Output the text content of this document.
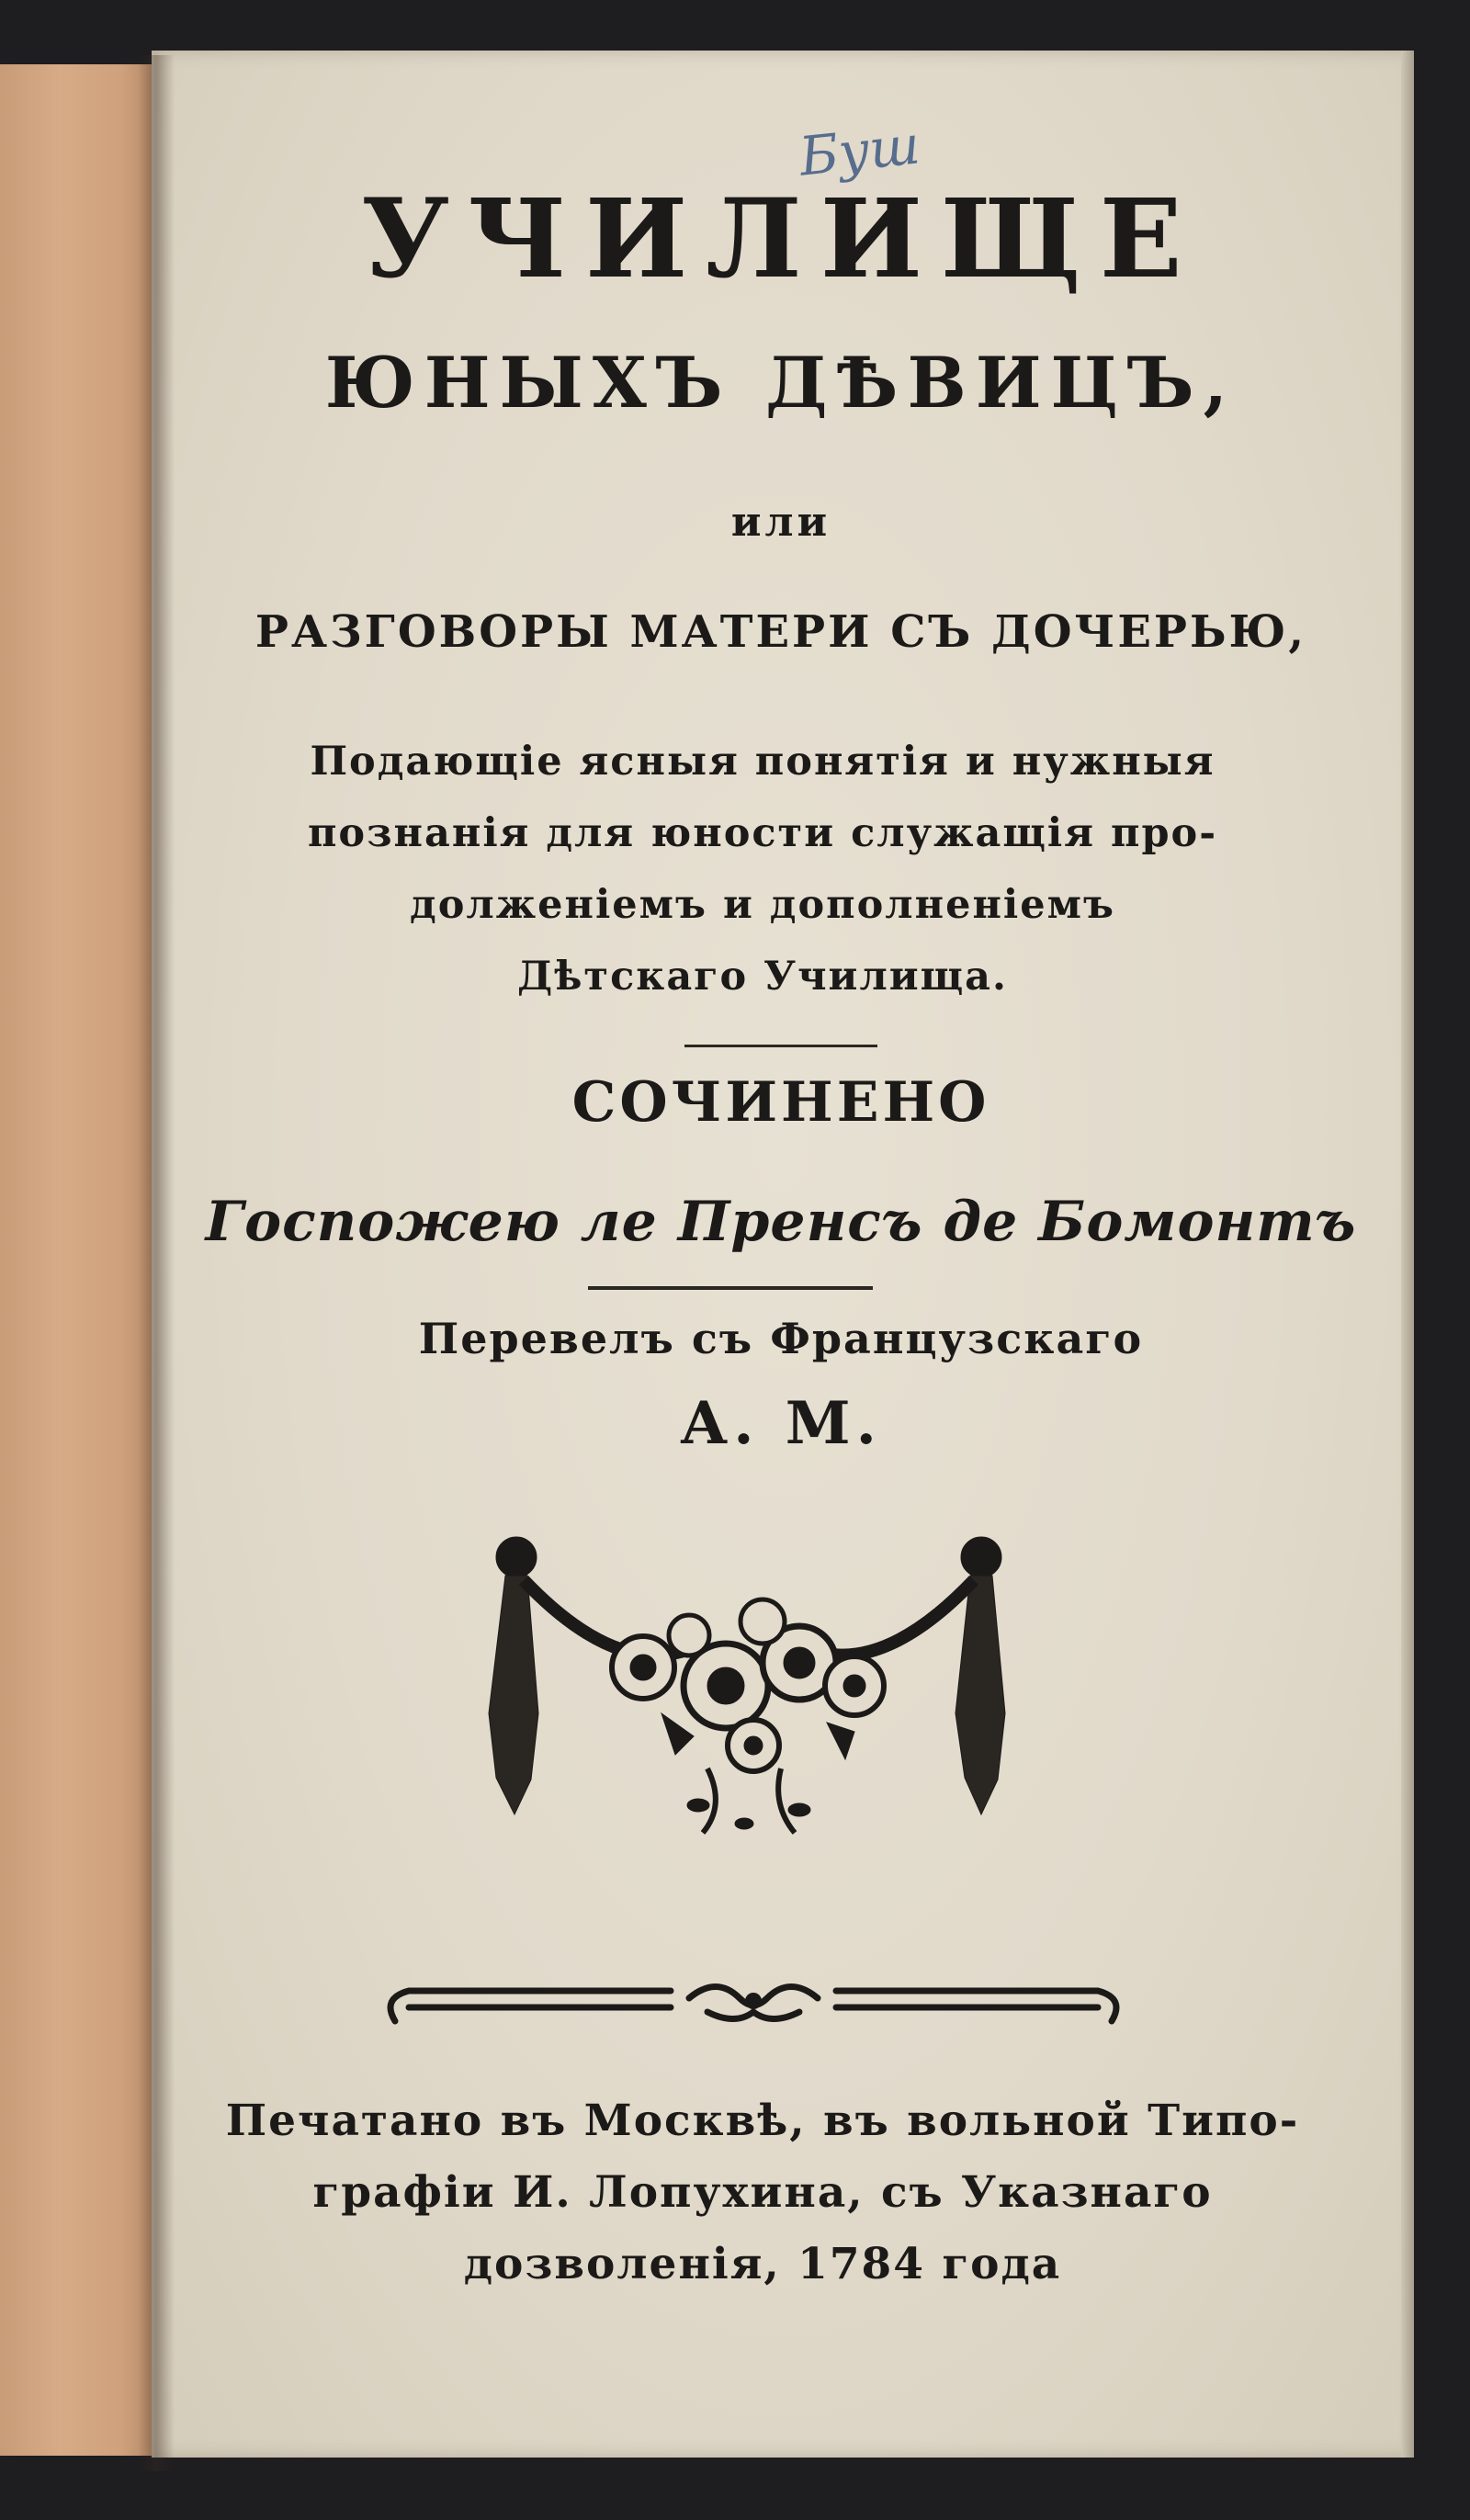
Буш
УЧИЛИЩЕ
ЮНЫХЪ ДѢВИЦЪ,
или
РАЗГОВОРЫ МАТЕРИ СЪ ДОЧЕРЬЮ,
Подающіе ясныя понятія и нужныя
познанія для юности служащія про-
долженіемъ и дополненіемъ
Дѣтскаго Училища.
СОЧИНЕНО
Госпожею ле Пренсъ де Бомонтъ
Перевелъ съ Французскаго
А. М.
Печатано въ Москвѣ, въ вольной Типо-
графіи И. Лопухина, съ Указнаго
дозволенія, 1784 года
